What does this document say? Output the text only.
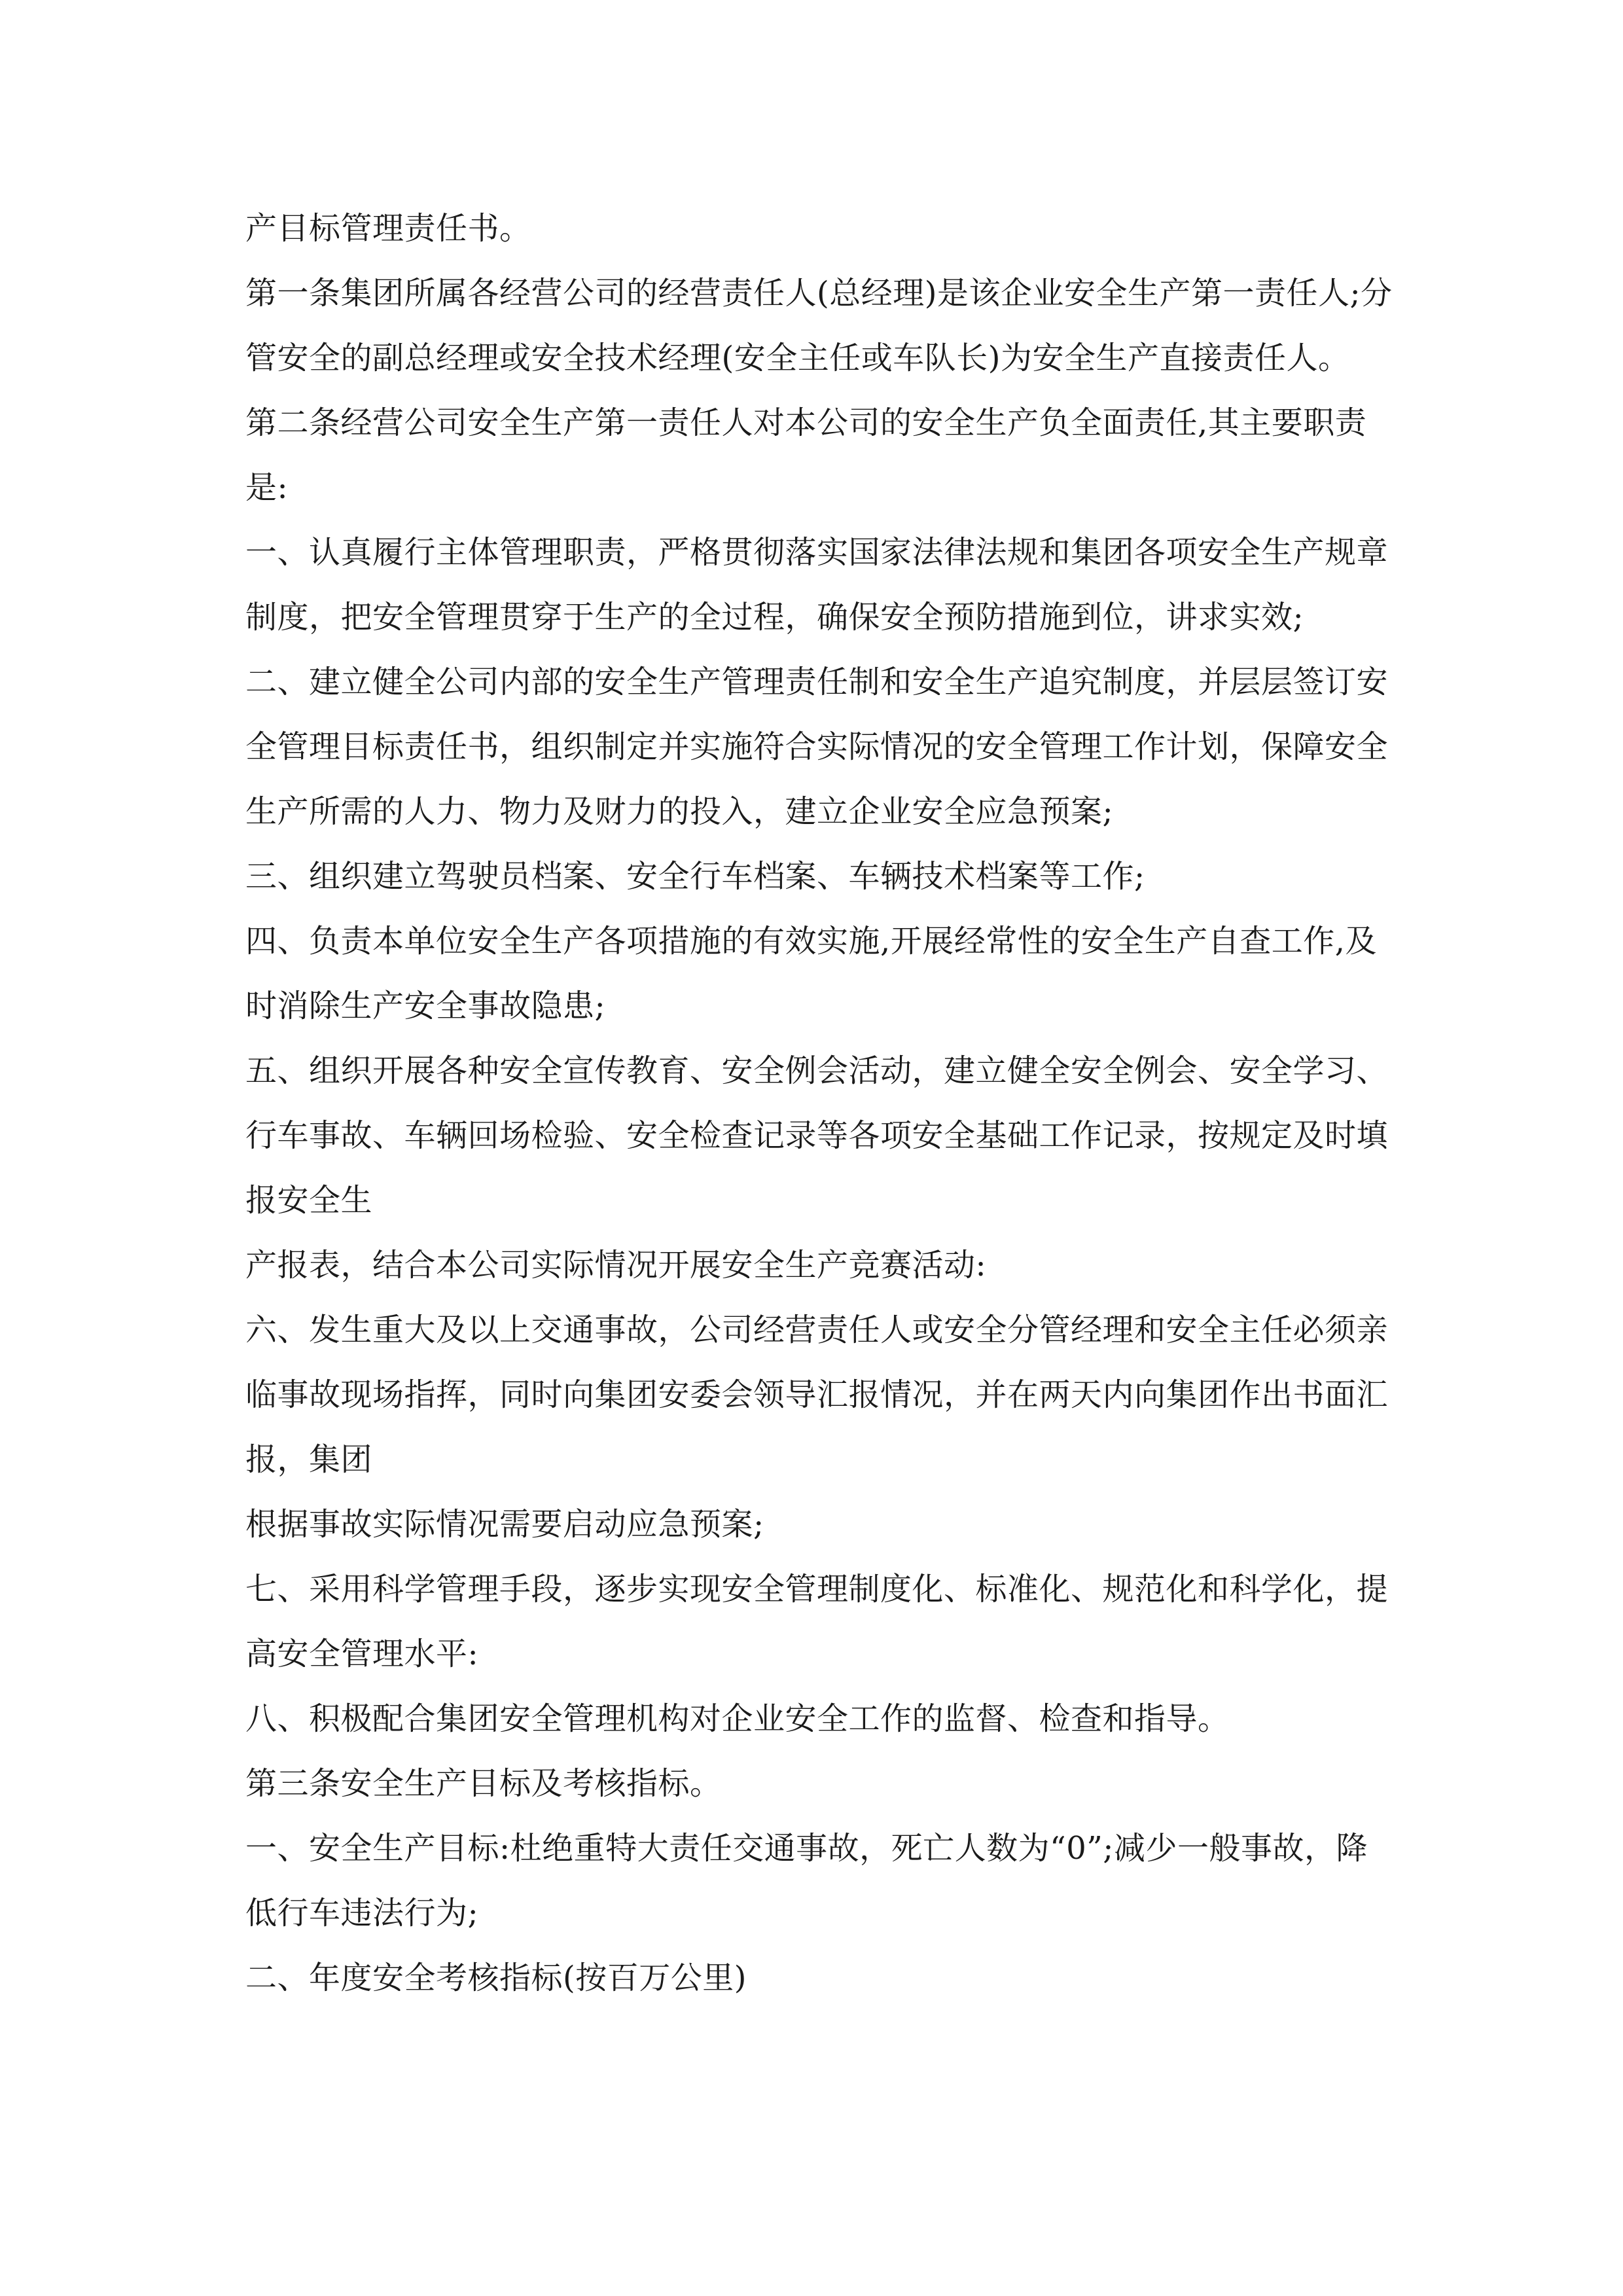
产目标管理责任书。

第一条集团所属各经营公司的经营责任人(总经理)是该企业安全生产第一责任人;分管安全的副总经理或安全技术经理(安全主任或车队长)为安全生产直接责任人。

第二条经营公司安全生产第一责任人对本公司的安全生产负全面责任,其主要职责是:

一、认真履行主体管理职责，严格贯彻落实国家法律法规和集团各项安全生产规章制度，把安全管理贯穿于生产的全过程，确保安全预防措施到位，讲求实效;

二、建立健全公司内部的安全生产管理责任制和安全生产追究制度，并层层签订安全管理目标责任书，组织制定并实施符合实际情况的安全管理工作计划，保障安全生产所需的人力、物力及财力的投入，建立企业安全应急预案;

三、组织建立驾驶员档案、安全行车档案、车辆技术档案等工作;

四、负责本单位安全生产各项措施的有效实施,开展经常性的安全生产自查工作,及时消除生产安全事故隐患;

五、组织开展各种安全宣传教育、安全例会活动，建立健全安全例会、安全学习、行车事故、车辆回场检验、安全检查记录等各项安全基础工作记录，按规定及时填报安全生

产报表，结合本公司实际情况开展安全生产竞赛活动:

六、发生重大及以上交通事故，公司经营责任人或安全分管经理和安全主任必须亲临事故现场指挥，同时向集团安委会领导汇报情况，并在两天内向集团作出书面汇报，集团

根据事故实际情况需要启动应急预案;

七、采用科学管理手段，逐步实现安全管理制度化、标准化、规范化和科学化，提高安全管理水平:

八、积极配合集团安全管理机构对企业安全工作的监督、检查和指导。

第三条安全生产目标及考核指标。

一、安全生产目标:杜绝重特大责任交通事故，死亡人数为“0”;减少一般事故，降低行车违法行为;

二、年度安全考核指标(按百万公里)
